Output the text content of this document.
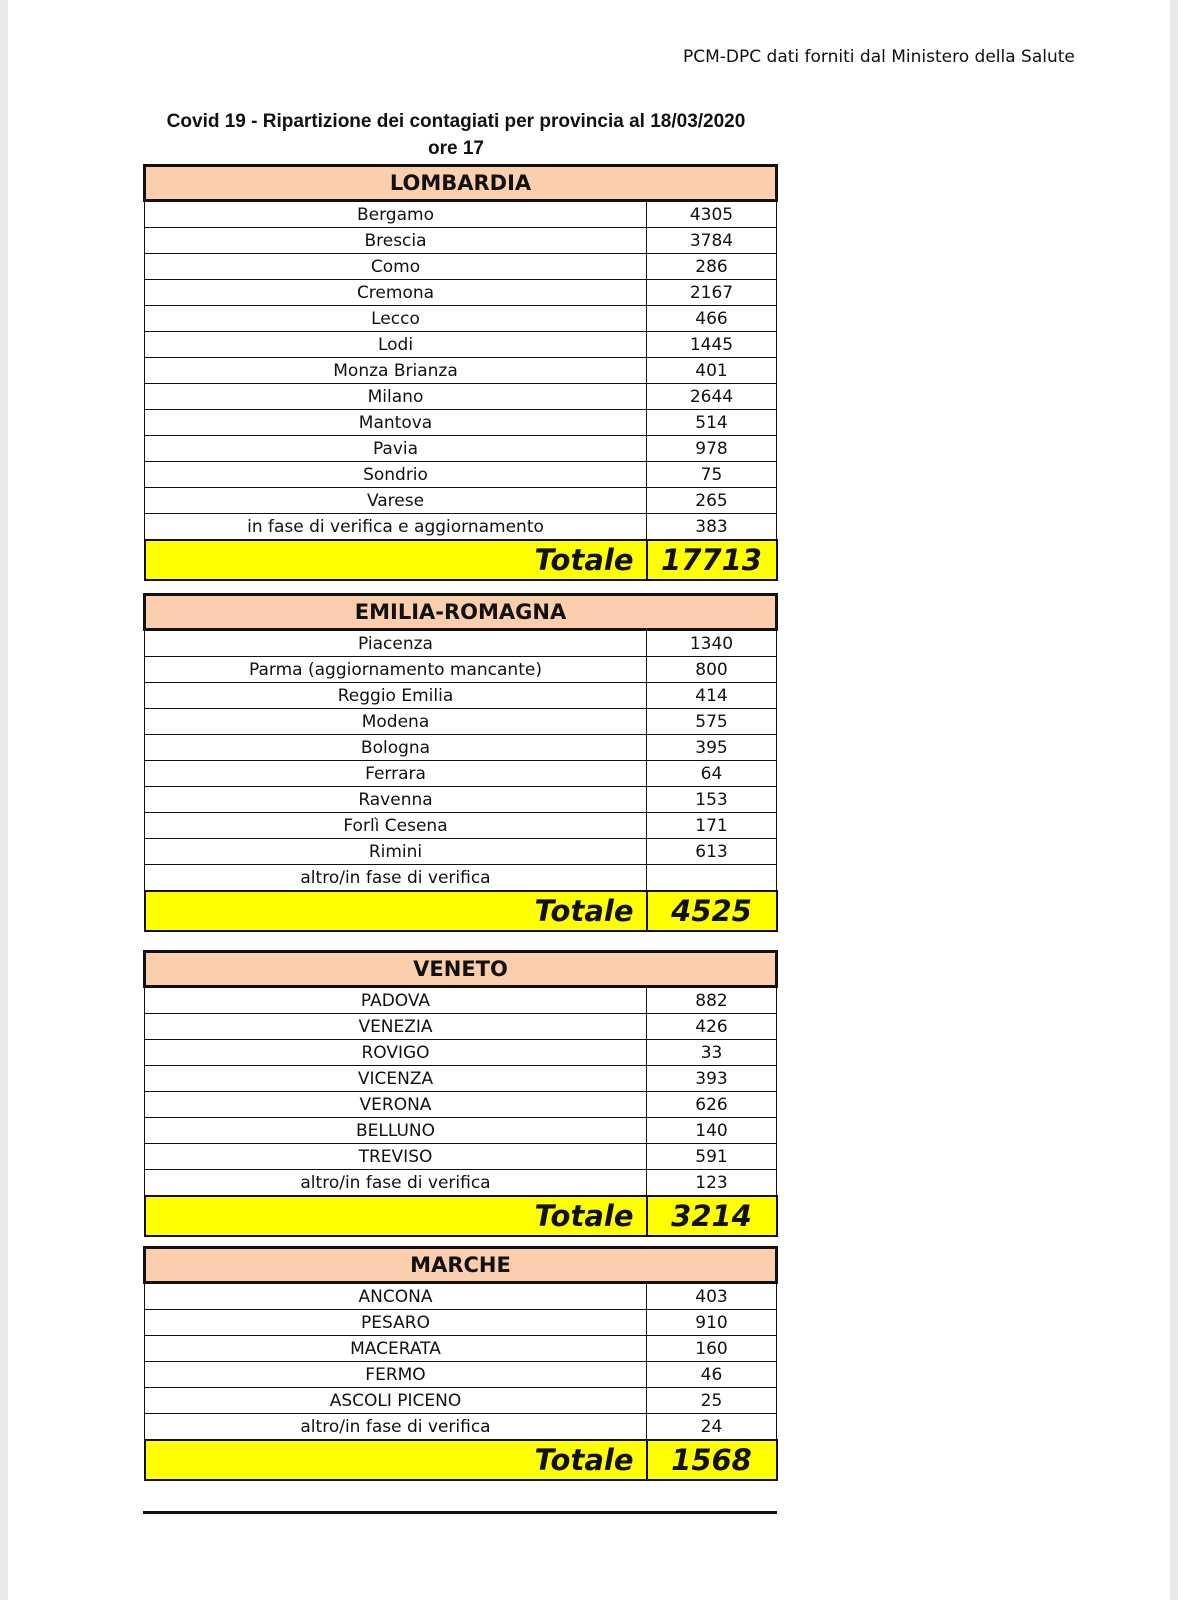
PCM-DPC dati forniti dal Ministero della Salute
Covid 19 - Ripartizione dei contagiati per provincia al 18/03/2020
ore 17
LOMBARDIA	
Bergamo	4305
Brescia	3784
Como	286
Cremona	2167
Lecco	466
Lodi	1445
Monza Brianza	401
Milano	2644
Mantova	514
Pavia	978
Sondrio	75
Varese	265
in fase di verifica e aggiornamento	383
Totale	17713
EMILIA-ROMAGNA	
Piacenza	1340
Parma (aggiornamento mancante)	800
Reggio Emilia	414
Modena	575
Bologna	395
Ferrara	64
Ravenna	153
Forlì Cesena	171
Rimini	613
altro/in fase di verifica	
Totale	4525
VENETO	
PADOVA	882
VENEZIA	426
ROVIGO	33
VICENZA	393
VERONA	626
BELLUNO	140
TREVISO	591
altro/in fase di verifica	123
Totale	3214
MARCHE	
ANCONA	403
PESARO	910
MACERATA	160
FERMO	46
ASCOLI PICENO	25
altro/in fase di verifica	24
Totale	1568
